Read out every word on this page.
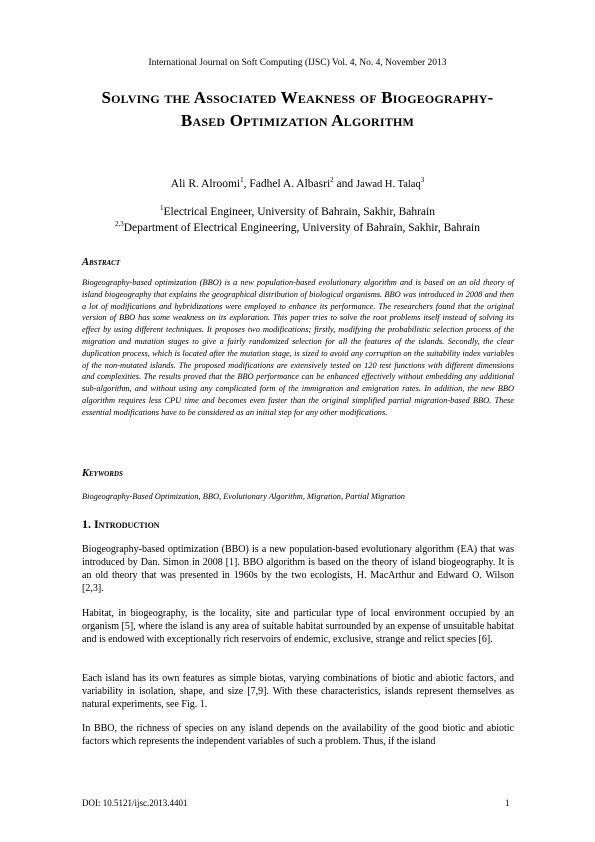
International Journal on Soft Computing (IJSC) Vol. 4, No. 4, November 2013
Solving the Associated Weakness of Biogeography-Based Optimization Algorithm
Ali R. Alroomi$^1$, Fadhel A. Albasri$^2$ and Jawad H. Talaq$^3$
$^1$Electrical Engineer, University of Bahrain, Sakhir, Bahrain
$^{2,3}$Department of Electrical Engineering, University of Bahrain, Sakhir, Bahrain
Abstract
Biogeography-based optimization (BBO) is a new population-based evolutionary algorithm and is based on an old theory of island biogeography that explains the geographical distribution of biological organisms. BBO was introduced in 2008 and then a lot of modifications and hybridizations were employed to enhance its performance. The researchers found that the original version of BBO has some weakness on its exploration. This paper tries to solve the root problems itself instead of solving its effect by using different techniques. It proposes two modifications; firstly, modifying the probabilistic selection process of the migration and mutation stages to give a fairly randomized selection for all the features of the islands. Secondly, the clear duplication process, which is located after the mutation stage, is sized to avoid any corruption on the suitability index variables of the non-mutated islands. The proposed modifications are extensively tested on 120 test functions with different dimensions and complexities. The results proved that the BBO performance can be enhanced effectively without embedding any additional sub-algorithm, and without using any complicated form of the immigration and emigration rates. In addition, the new BBO algorithm requires less CPU time and becomes even faster than the original simplified partial migration-based BBO. These essential modifications have to be considered as an initial step for any other modifications.
Keywords
Biogeography-Based Optimization, BBO, Evolutionary Algorithm, Migration, Partial Migration
1. Introduction
Biogeography-based optimization (BBO) is a new population-based evolutionary algorithm (EA) that was introduced by Dan. Simon in 2008 [1]. BBO algorithm is based on the theory of island biogeography. It is an old theory that was presented in 1960s by the two ecologists, H. MacArthur and Edward O. Wilson [2,3].
Habitat, in biogeography, is the locality, site and particular type of local environment occupied by an organism [5], where the island is any area of suitable habitat surrounded by an expense of unsuitable habitat and is endowed with exceptionally rich reservoirs of endemic, exclusive, strange and relict species [6].
Each island has its own features as simple biotas, varying combinations of biotic and abiotic factors, and variability in isolation, shape, and size [7,9]. With these characteristics, islands represent themselves as natural experiments, see Fig. 1.
In BBO, the richness of species on any island depends on the availability of the good biotic and abiotic factors which represents the independent variables of such a problem. Thus, if the island
DOI: 10.5121/ijsc.2013.4401	1
